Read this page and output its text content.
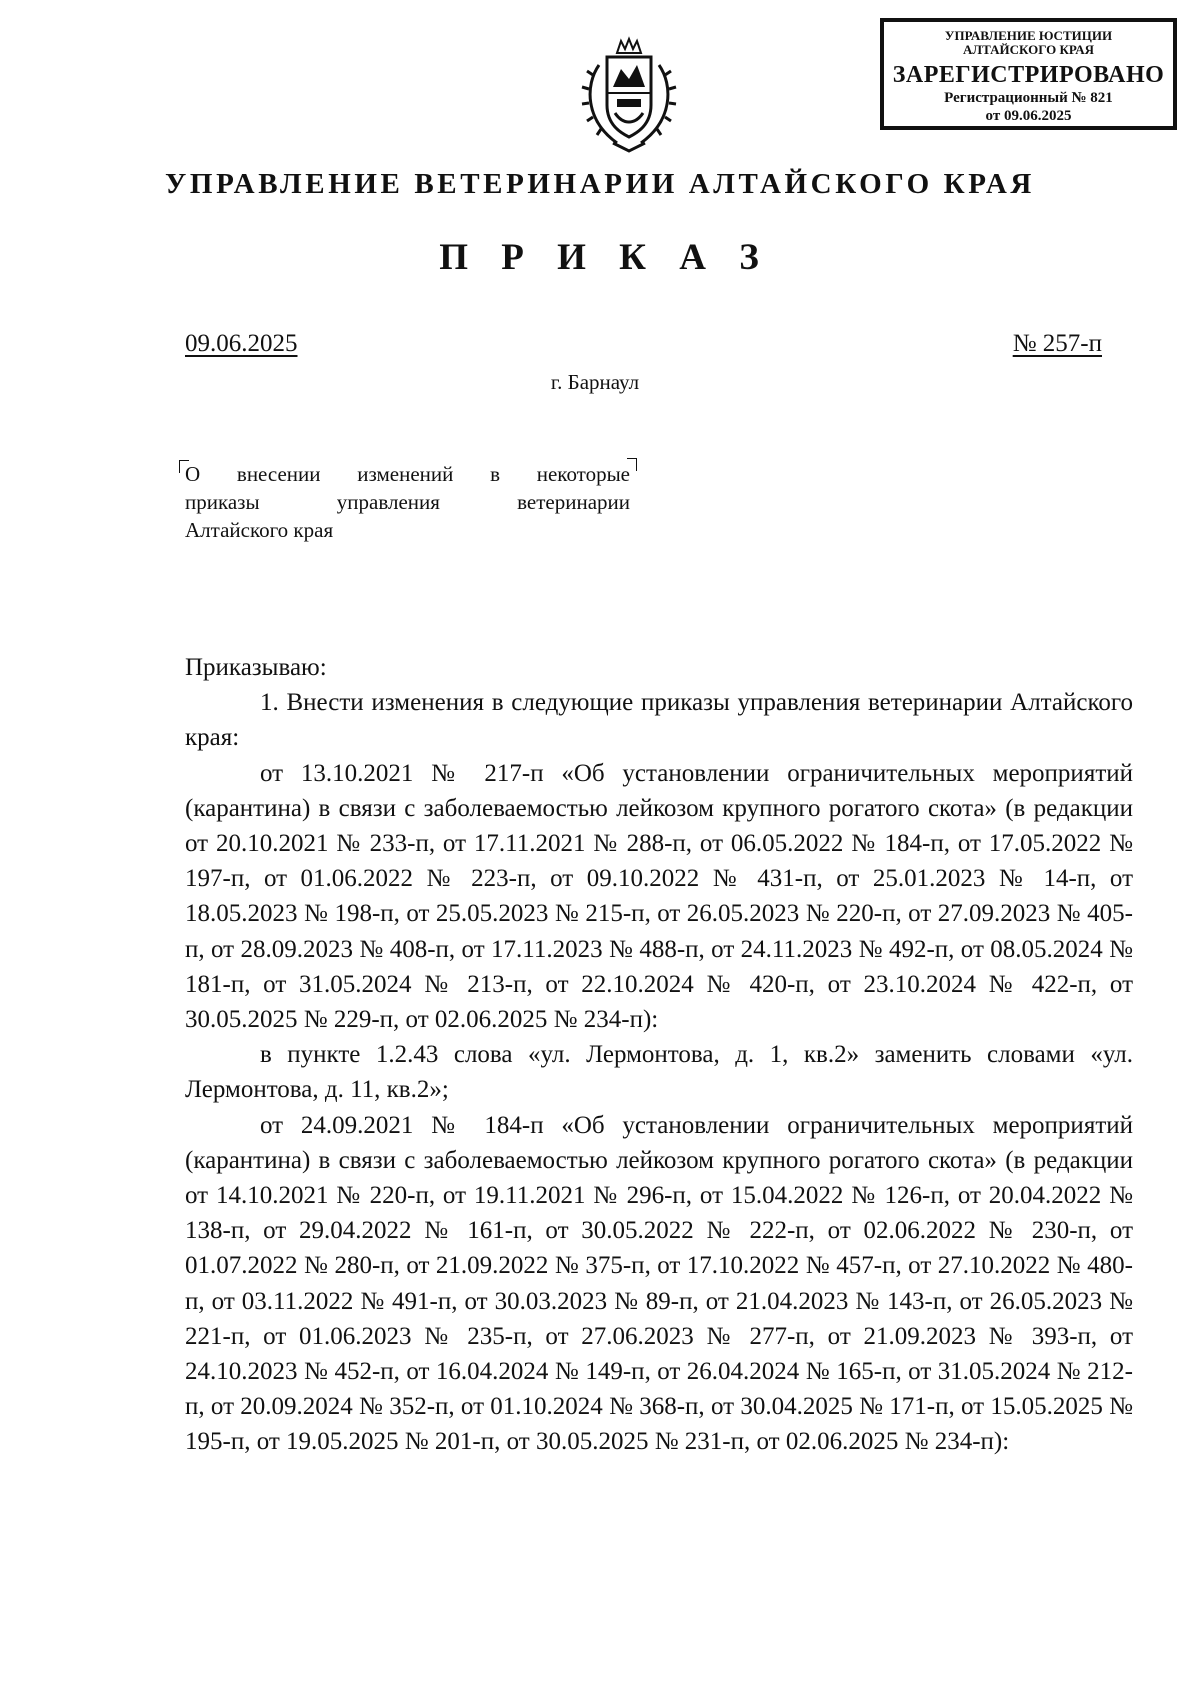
УПРАВЛЕНИЕ ЮСТИЦИИ
АЛТАЙСКОГО КРАЯ
ЗАРЕГИСТРИРОВАНО
Регистрационный № 821
от 09.06.2025
УПРАВЛЕНИЕ ВЕТЕРИНАРИИ АЛТАЙСКОГО КРАЯ
П Р И К А З
09.06.2025	№ 257-п
г. Барнаул
О внесении изменений в некоторые
приказы управления ветеринарии
Алтайского края

Приказываю:

1. Внести изменения в следующие приказы управления ветеринарии Алтайского края:

от 13.10.2021 № 217-п «Об установлении ограничительных мероприятий (карантина) в связи с заболеваемостью лейкозом крупного рогатого скота» (в редакции от 20.10.2021 № 233-п, от 17.11.2021 № 288-п, от 06.05.2022 № 184-п, от 17.05.2022 № 197-п, от 01.06.2022 № 223-п, от 09.10.2022 № 431-п, от 25.01.2023 № 14-п, от 18.05.2023 № 198-п, от 25.05.2023 № 215-п, от 26.05.2023 № 220-п, от 27.09.2023 № 405-п, от 28.09.2023 № 408-п, от 17.11.2023 № 488-п, от 24.11.2023 № 492-п, от 08.05.2024 № 181-п, от 31.05.2024 № 213-п, от 22.10.2024 № 420-п, от 23.10.2024 № 422-п, от 30.05.2025 № 229-п, от 02.06.2025 № 234-п):

в пункте 1.2.43 слова «ул. Лермонтова, д. 1, кв.2» заменить словами «ул. Лермонтова, д. 11, кв.2»;

от 24.09.2021 № 184-п «Об установлении ограничительных мероприятий (карантина) в связи с заболеваемостью лейкозом крупного рогатого скота» (в редакции от 14.10.2021 № 220-п, от 19.11.2021 № 296-п, от 15.04.2022 № 126-п, от 20.04.2022 № 138-п, от 29.04.2022 № 161-п, от 30.05.2022 № 222-п, от 02.06.2022 № 230-п, от 01.07.2022 № 280-п, от 21.09.2022 № 375-п, от 17.10.2022 № 457-п, от 27.10.2022 № 480-п, от 03.11.2022 № 491-п, от 30.03.2023 № 89-п, от 21.04.2023 № 143-п, от 26.05.2023 № 221-п, от 01.06.2023 № 235-п, от 27.06.2023 № 277-п, от 21.09.2023 № 393-п, от 24.10.2023 № 452-п, от 16.04.2024 № 149-п, от 26.04.2024 № 165-п, от 31.05.2024 № 212-п, от 20.09.2024 № 352-п, от 01.10.2024 № 368-п, от 30.04.2025 № 171-п, от 15.05.2025 № 195-п, от 19.05.2025 № 201-п, от 30.05.2025 № 231-п, от 02.06.2025 № 234-п):
